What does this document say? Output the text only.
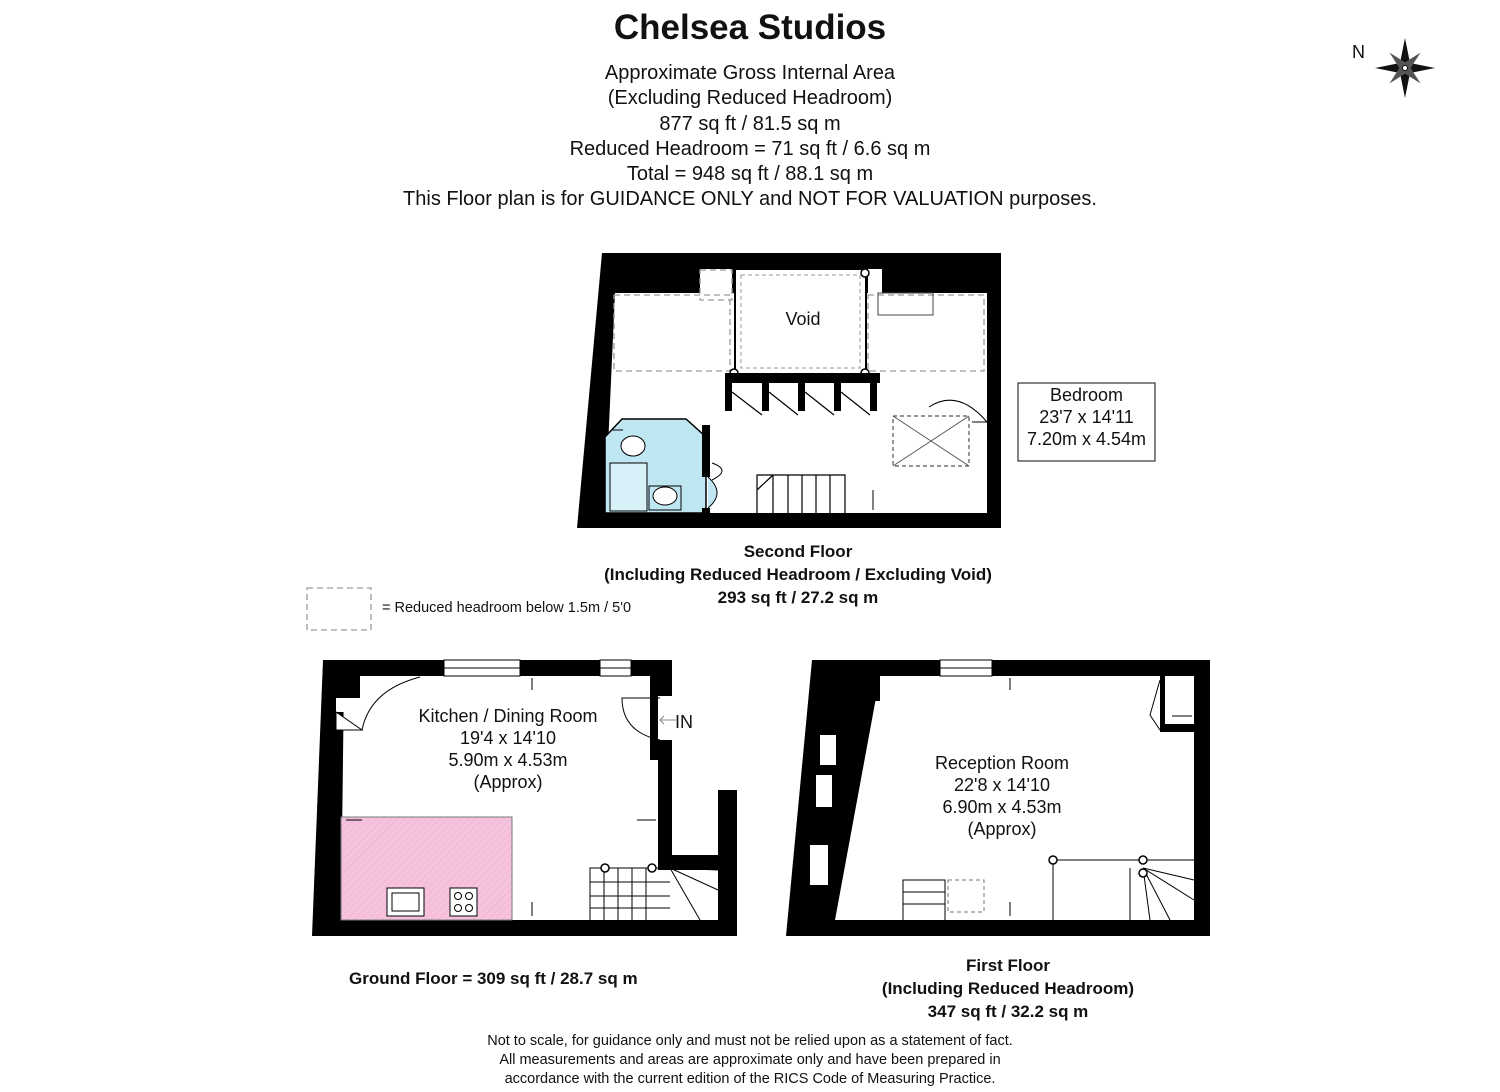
Chelsea Studios
Approximate Gross Internal Area
(Excluding Reduced Headroom)
877 sq ft / 81.5 sq m
Reduced Headroom = 71 sq ft / 6.6 sq m
Total = 948 sq ft / 88.1 sq m
This Floor plan is for GUIDANCE ONLY and NOT FOR VALUATION purposes.
N
Void
Bedroom
23'7 x 14'11
7.20m x 4.54m
Second Floor
(Including Reduced Headroom / Excluding Void)
293 sq ft / 27.2 sq m
= Reduced headroom below 1.5m / 5'0
Kitchen / Dining Room
19'4 x 14'10
5.90m x 4.53m
(Approx)
IN
Ground Floor = 309 sq ft / 28.7 sq m
Reception Room
22'8 x 14'10
6.90m x 4.53m
(Approx)
First Floor
(Including Reduced Headroom)
347 sq ft / 32.2 sq m
Not to scale, for guidance only and must not be relied upon as a statement of fact.
All measurements and areas are approximate only and have been prepared in
accordance with the current edition of the RICS Code of Measuring Practice.
